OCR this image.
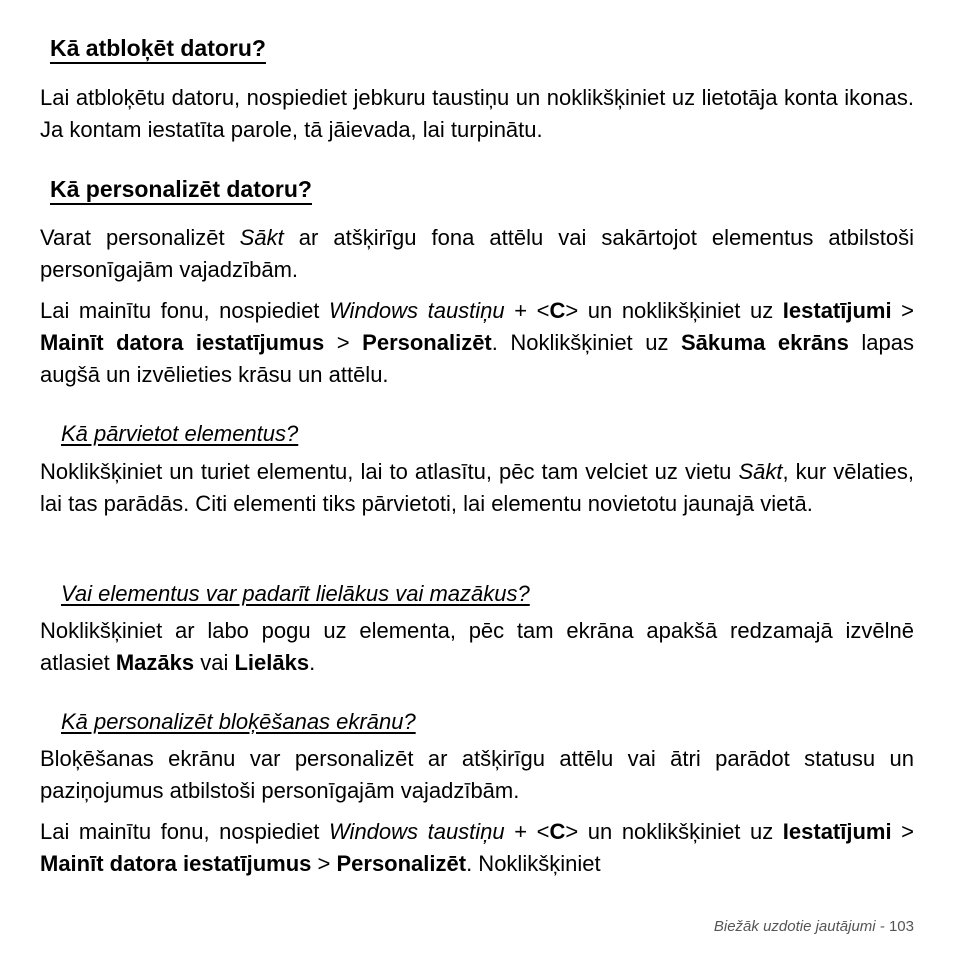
Kā atbloķēt datoru?
Lai atbloķētu datoru, nospiediet jebkuru taustiņu un noklikšķiniet uz lietotāja konta ikonas. Ja kontam iestatīta parole, tā jāievada, lai turpinātu.
Kā personalizēt datoru?
Varat personalizēt Sākt ar atšķirīgu fona attēlu vai sakārtojot elementus atbilstoši personīgajām vajadzībām.
Lai mainītu fonu, nospiediet Windows taustiņu + <C> un noklikšķiniet uz Iestatījumi > Mainīt datora iestatījumus > Personalizēt. Noklikšķiniet uz Sākuma ekrāns lapas augšā un izvēlieties krāsu un attēlu.
Kā pārvietot elementus?
Noklikšķiniet un turiet elementu, lai to atlasītu, pēc tam velciet uz vietu Sākt, kur vēlaties, lai tas parādās. Citi elementi tiks pārvietoti, lai elementu novietotu jaunajā vietā.
Vai elementus var padarīt lielākus vai mazākus?
Noklikšķiniet ar labo pogu uz elementa, pēc tam ekrāna apakšā redzamajā izvēlnē atlasiet Mazāks vai Lielāks.
Kā personalizēt bloķēšanas ekrānu?
Bloķēšanas ekrānu var personalizēt ar atšķirīgu attēlu vai ātri parādot statusu un paziņojumus atbilstoši personīgajām vajadzībām.
Lai mainītu fonu, nospiediet Windows taustiņu + <C> un noklikšķiniet uz Iestatījumi > Mainīt datora iestatījumus > Personalizēt. Noklikšķiniet
Biežāk uzdotie jautājumi - 103
